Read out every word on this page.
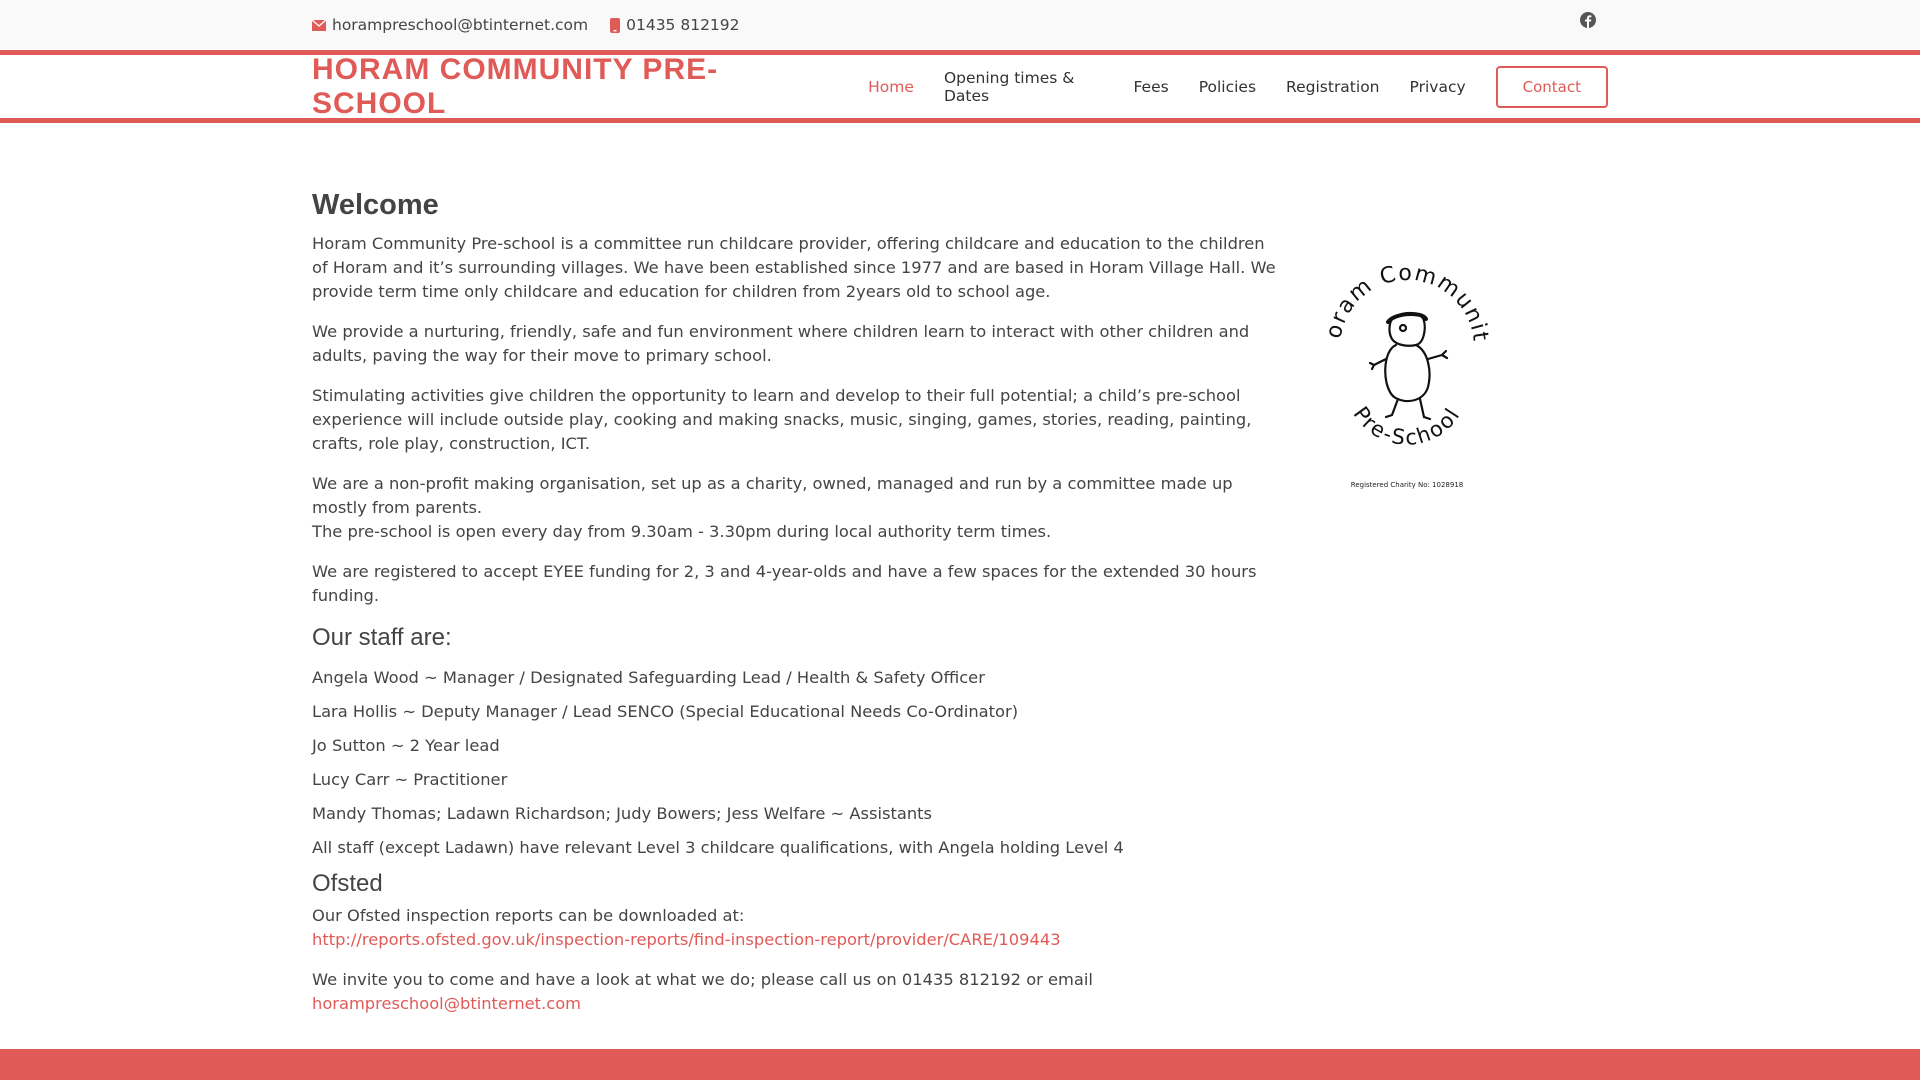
horampreschool@btinternet.com 01435 812192
HORAM COMMUNITY PRE-SCHOOL	Home Opening times & Dates	Fees Policies Registration Privacy	Contact
Welcome

Horam Community Pre-school is a committee run childcare provider, offering childcare and education to the children of Horam and it’s surrounding villages. We have been established since 1977 and are based in Horam Village Hall. We provide term time only childcare and education for children from 2years old to school age.

We provide a nurturing, friendly, safe and fun environment where children learn to interact with other children and adults, paving the way for their move to primary school.

Stimulating activities give children the opportunity to learn and develop to their full potential; a child’s pre-school experience will include outside play, cooking and making snacks, music, singing, games, stories, reading, painting, crafts, role play, construction, ICT.

We are a non-profit making organisation, set up as a charity, owned, managed and run by a committee made up mostly from parents.

The pre-school is open every day from 9.30am - 3.30pm during local authority term times.

We are registered to accept EYEE funding for 2, 3 and 4-year-olds and have a few spaces for the extended 30 hours funding.

Our staff are:

Angela Wood ~ Manager / Designated Safeguarding Lead / Health & Safety Officer

Lara Hollis ~ Deputy Manager / Lead SENCO (Special Educational Needs Co-Ordinator)

Jo Sutton ~ 2 Year lead

Lucy Carr ~ Practitioner

Mandy Thomas; Ladawn Richardson; Judy Bowers; Jess Welfare ~ Assistants

All staff (except Ladawn) have relevant Level 3 childcare qualifications, with Angela holding Level 4

Ofsted

Our Ofsted inspection reports can be downloaded at:
http://reports.ofsted.gov.uk/inspection-reports/find-inspection-report/provider/CARE/109443

We invite you to come and have a look at what we do; please call us on 01435 812192 or email horampreschool@btinternet.com

oram Communit
Pre-School
Registered Charity No: 1028918
